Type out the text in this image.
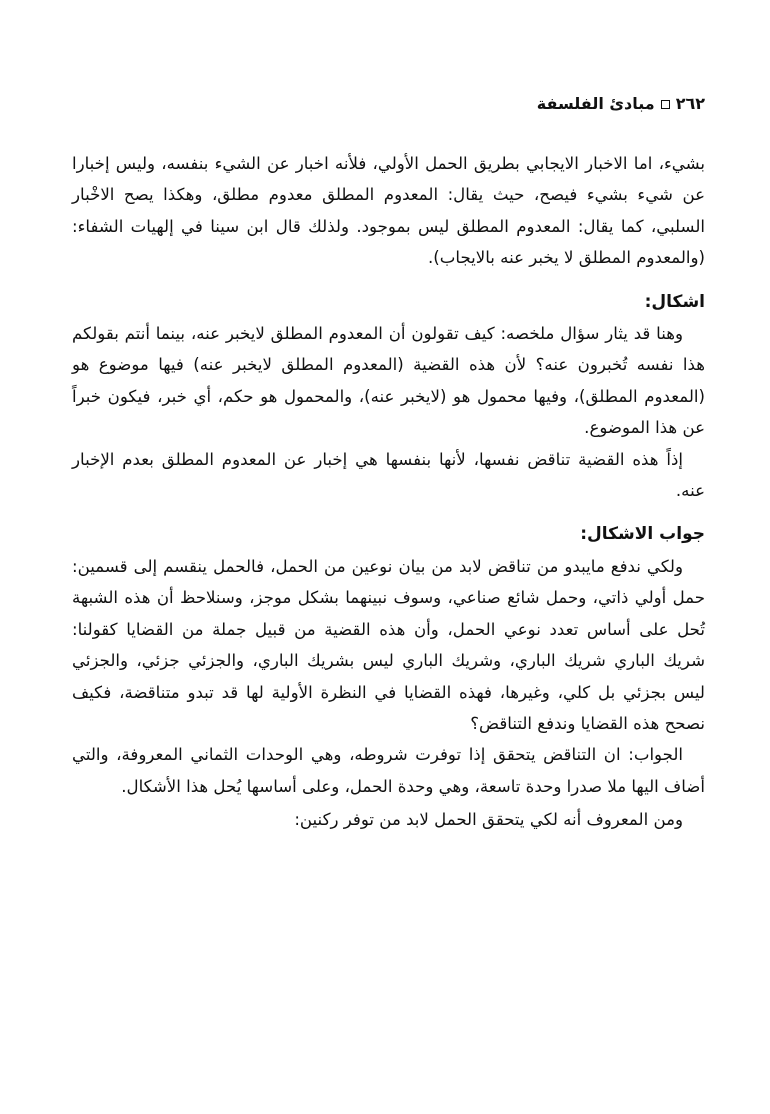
٢٦٢
مبادئ الفلسفة

بشيء، اما الاخبار الايجابي بطريق الحمل الأولي، فلأنه اخبار عن الشيء بنفسه، وليس إخبارا عن شيء بشيء فيصح، حيث يقال: المعدوم المطلق معدوم مطلق، وهكذا يصح الاخْبار السلبي، كما يقال: المعدوم المطلق ليس بموجود. ولذلك قال ابن سينا في إلهيات الشفاء: (والمعدوم المطلق لا يخبر عنه بالايجاب).

اشكال:

وهنا قد يثار سؤال ملخصه: كيف تقولون أن المعدوم المطلق لايخبر عنه، بينما أنتم بقولكم هذا نفسه تُخبرون عنه؟ لأن هذه القضية (المعدوم المطلق لايخبر عنه) فيها موضوع هو (المعدوم المطلق)، وفيها محمول هو (لايخبر عنه)، والمحمول هو حكم، أي خبر، فيكون خبراً عن هذا الموضوع.

إذاً هذه القضية تناقض نفسها، لأنها بنفسها هي إخبار عن المعدوم المطلق بعدم الإخبار عنه.

جواب الاشكال:

ولكي ندفع مايبدو من تناقض لابد من بيان نوعين من الحمل، فالحمل ينقسم إلى قسمين: حمل أولي ذاتي، وحمل شائع صناعي، وسوف نبينهما بشكل موجز، وسنلاحظ أن هذه الشبهة تُحل على أساس تعدد نوعي الحمل، وأن هذه القضية من قبيل جملة من القضايا كقولنا: شريك الباري شريك الباري، وشريك الباري ليس بشريك الباري، والجزئي جزئي، والجزئي ليس بجزئي بل كلي، وغيرها، فهذه القضايا في النظرة الأولية لها قد تبدو متناقضة، فكيف نصحح هذه القضايا وندفع التناقض؟

الجواب: ان التناقض يتحقق إذا توفرت شروطه، وهي الوحدات الثماني المعروفة، والتي أضاف اليها ملا صدرا وحدة تاسعة، وهي وحدة الحمل، وعلى أساسها يُحل هذا الأشكال.

ومن المعروف أنه لكي يتحقق الحمل لابد من توفر ركنين:
